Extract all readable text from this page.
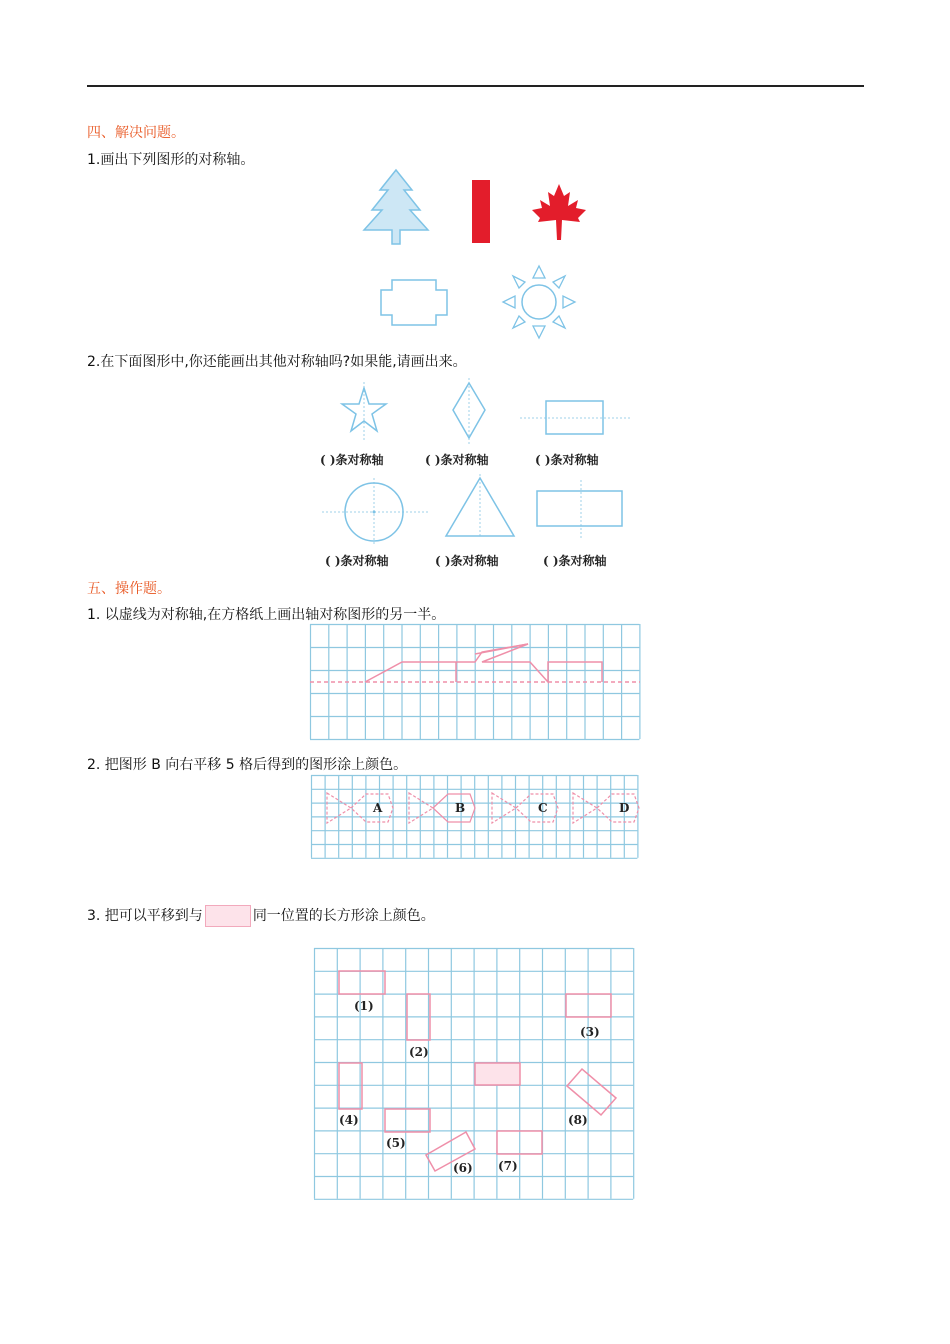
四、解决问题。
1.画出下列图形的对称轴。
2.在下面图形中,你还能画出其他对称轴吗?如果能,请画出来。
( )条对称轴	( )条对称轴	( )条对称轴
( )条对称轴	( )条对称轴	( )条对称轴
五、操作题。
1. 以虚线为对称轴,在方格纸上画出轴对称图形的另一半。
2. 把图形 B 向右平移 5 格后得到的图形涂上颜色。
A	B	C	D
3. 把可以平移到与	同一位置的长方形涂上颜色。
(1)
(2)
(3)
(4)
(5)
(6) (7)
(8)
